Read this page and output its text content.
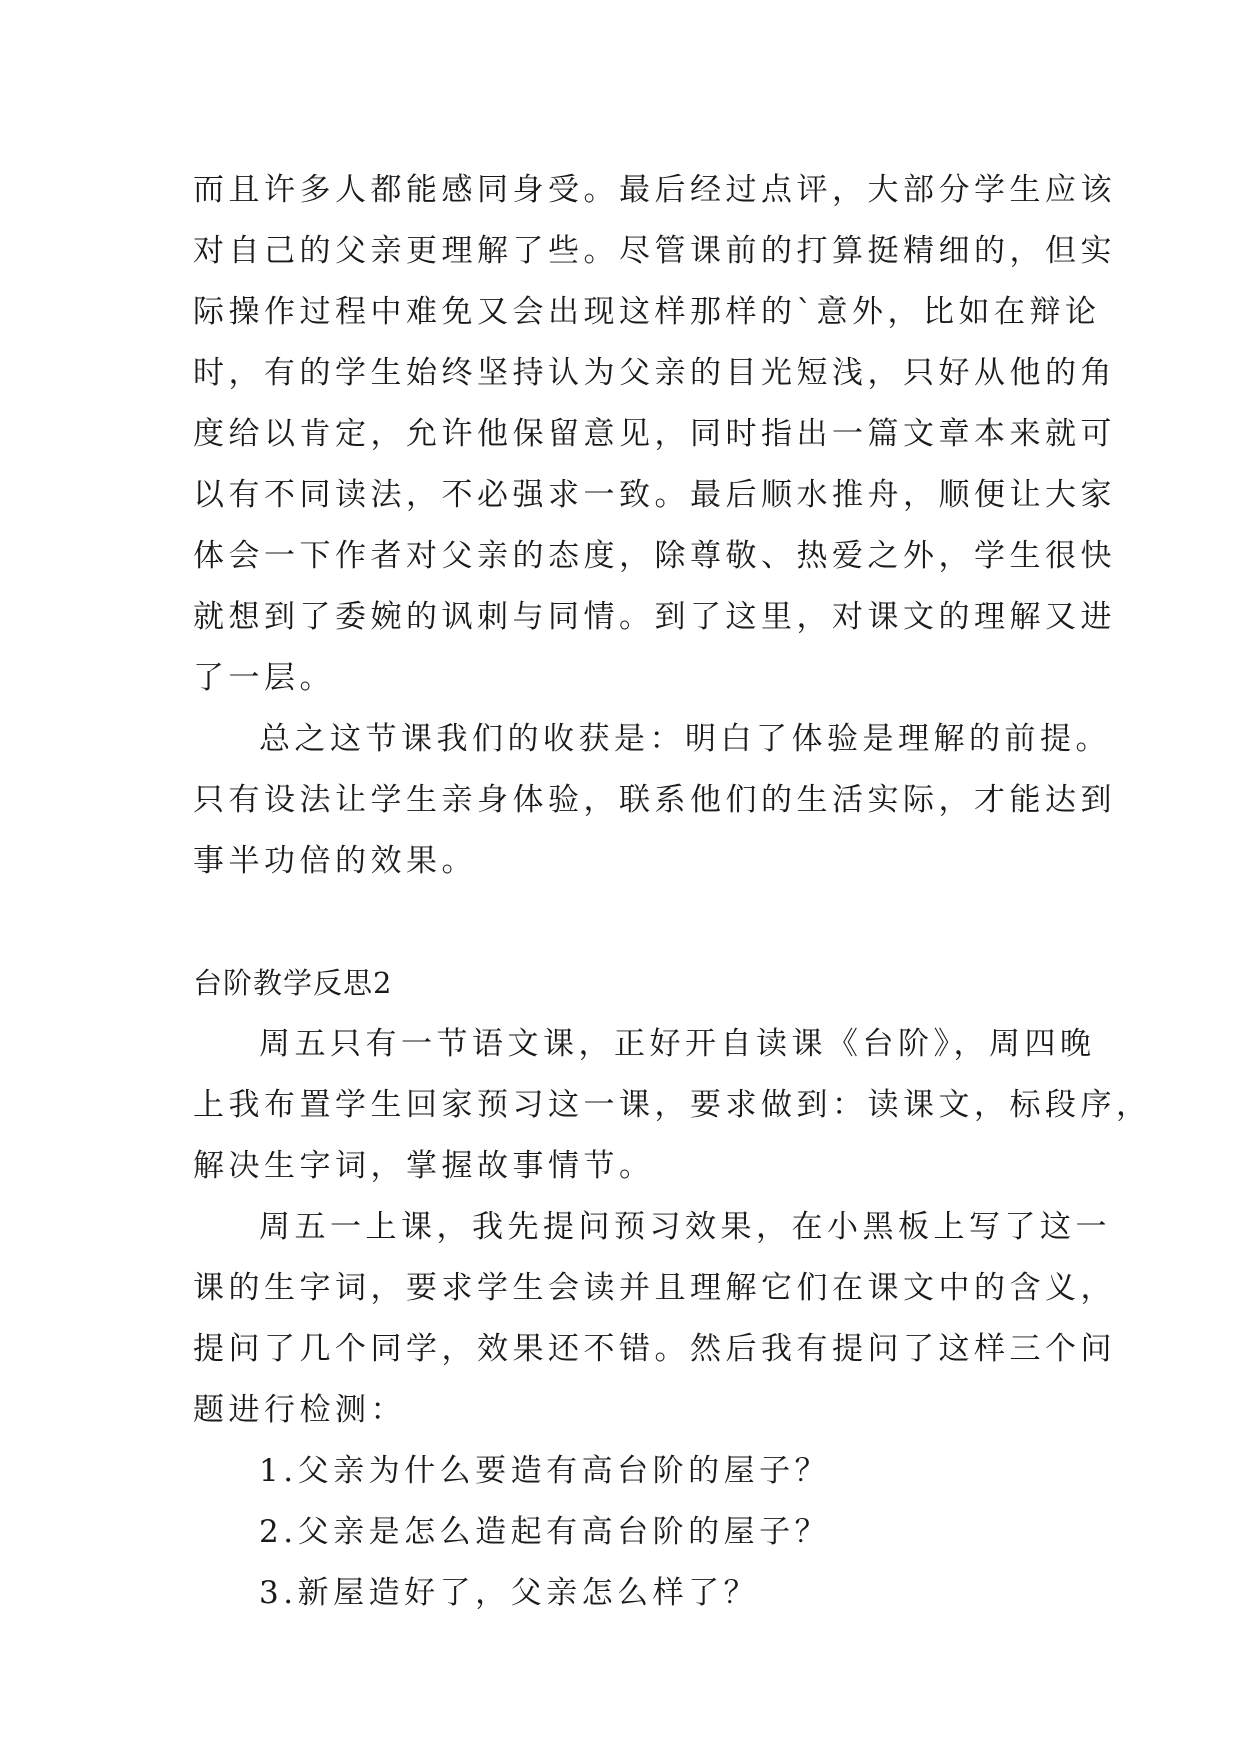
而且许多人都能感同身受。最后经过点评，大部分学生应该
对自己的父亲更理解了些。尽管课前的打算挺精细的，但实
际操作过程中难免又会出现这样那样的`意外，比如在辩论
时，有的学生始终坚持认为父亲的目光短浅，只好从他的角
度给以肯定，允许他保留意见，同时指出一篇文章本来就可
以有不同读法，不必强求一致。最后顺水推舟，顺便让大家
体会一下作者对父亲的态度，除尊敬、热爱之外，学生很快
就想到了委婉的讽刺与同情。到了这里，对课文的理解又进
了一层。
总之这节课我们的收获是：明白了体验是理解的前提。
只有设法让学生亲身体验，联系他们的生活实际，才能达到
事半功倍的效果。
台阶教学反思2
周五只有一节语文课，正好开自读课《台阶》，周四晚
上我布置学生回家预习这一课，要求做到：读课文，标段序，
解决生字词，掌握故事情节。
周五一上课，我先提问预习效果，在小黑板上写了这一
课的生字词，要求学生会读并且理解它们在课文中的含义，
提问了几个同学，效果还不错。然后我有提问了这样三个问
题进行检测：
1.父亲为什么要造有高台阶的屋子？
2.父亲是怎么造起有高台阶的屋子？
3.新屋造好了，父亲怎么样了？
